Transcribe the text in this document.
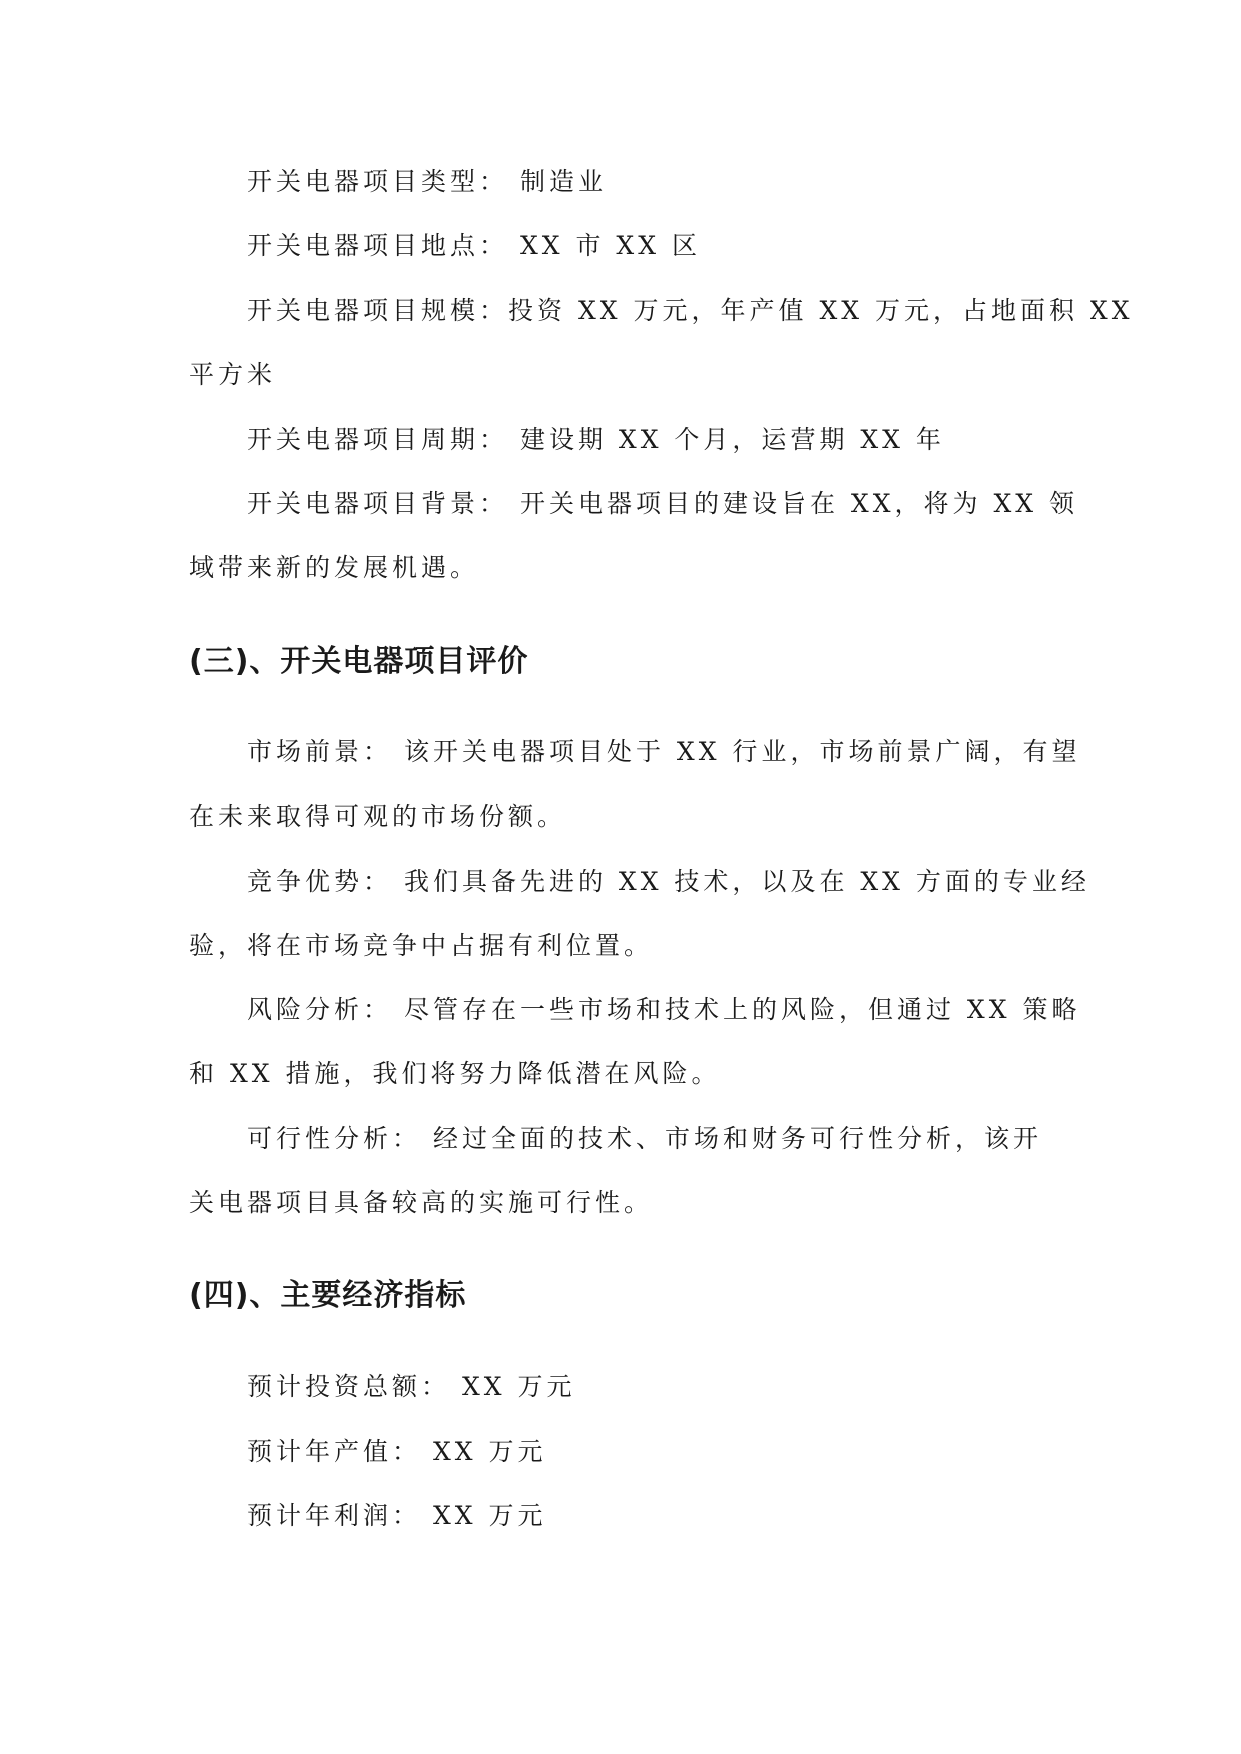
开关电器项目类型： 制造业

开关电器项目地点： XX 市 XX 区

开关电器项目规模：投资 XX 万元，年产值 XX 万元，占地面积 XX

平方米

开关电器项目周期： 建设期 XX 个月，运营期 XX 年

开关电器项目背景： 开关电器项目的建设旨在 XX，将为 XX 领

域带来新的发展机遇。

(三)、开关电器项目评价

市场前景： 该开关电器项目处于 XX 行业，市场前景广阔，有望

在未来取得可观的市场份额。

竞争优势： 我们具备先进的 XX 技术，以及在 XX 方面的专业经

验，将在市场竞争中占据有利位置。

风险分析： 尽管存在一些市场和技术上的风险，但通过 XX 策略

和 XX 措施，我们将努力降低潜在风险。

可行性分析： 经过全面的技术、市场和财务可行性分析，该开

关电器项目具备较高的实施可行性。

(四)、主要经济指标

预计投资总额： XX 万元

预计年产值： XX 万元

预计年利润： XX 万元
